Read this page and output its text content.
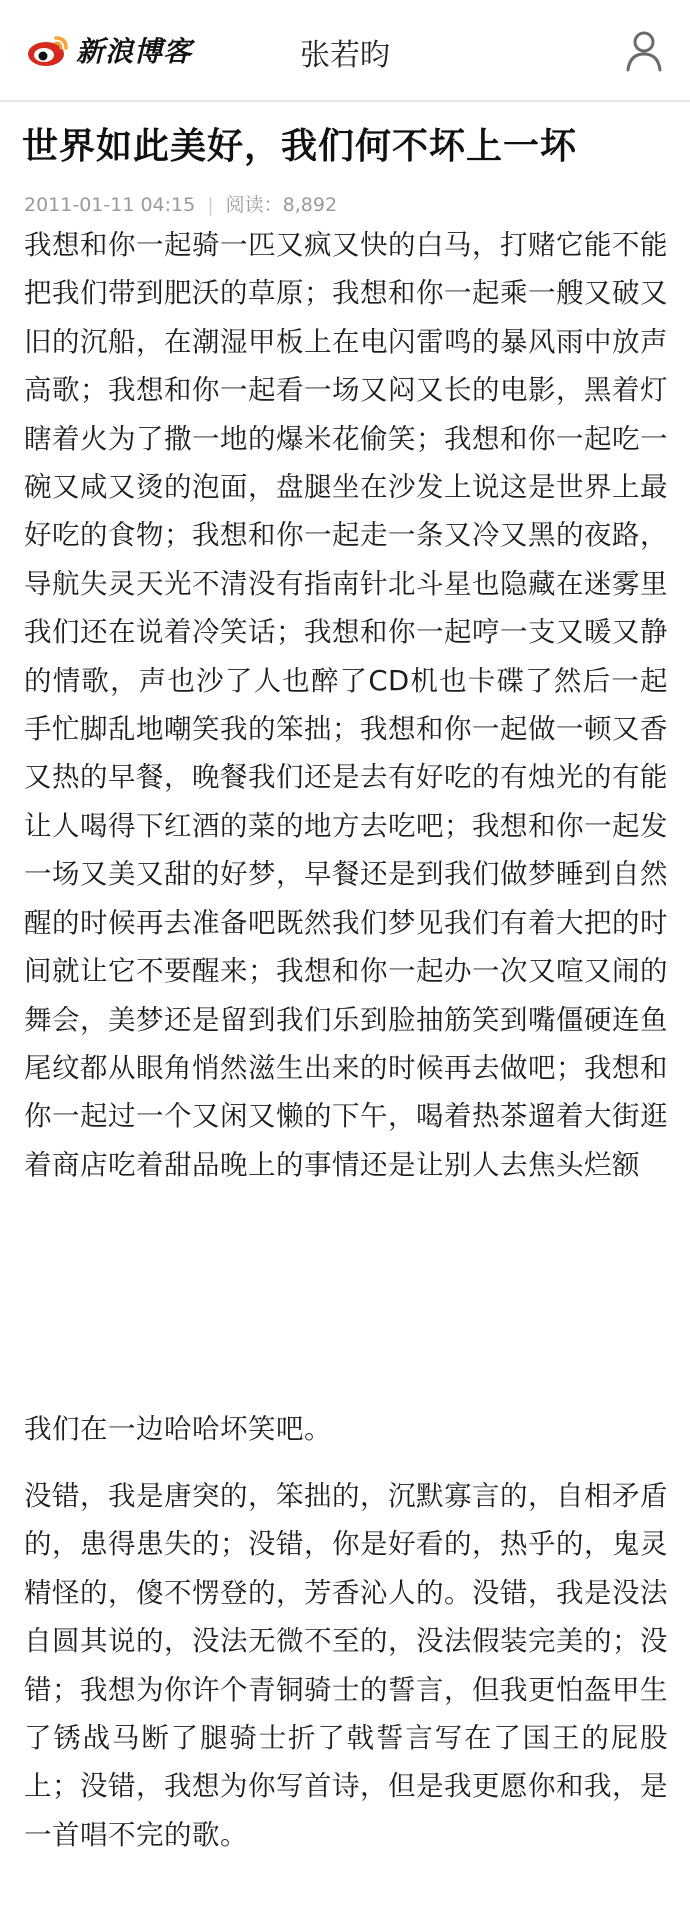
新浪博客	张若昀
世界如此美好，我们何不坏上一坏
2011-01-11 04:15 | 阅读：8,892
我想和你一起骑一匹又疯又快的白马，打赌它能不能把我们带到肥沃的草原；我想和你一起乘一艘又破又旧的沉船，在潮湿甲板上在电闪雷鸣的暴风雨中放声高歌；我想和你一起看一场又闷又长的电影，黑着灯瞎着火为了撒一地的爆米花偷笑；我想和你一起吃一碗又咸又烫的泡面，盘腿坐在沙发上说这是世界上最好吃的食物；我想和你一起走一条又冷又黑的夜路，导航失灵天光不清没有指南针北斗星也隐藏在迷雾里我们还在说着冷笑话；我想和你一起哼一支又暖又静的情歌，声也沙了人也醉了CD机也卡碟了然后一起手忙脚乱地嘲笑我的笨拙；我想和你一起做一顿又香又热的早餐，晚餐我们还是去有好吃的有烛光的有能让人喝得下红酒的菜的地方去吃吧；我想和你一起发一场又美又甜的好梦，早餐还是到我们做梦睡到自然醒的时候再去准备吧既然我们梦见我们有着大把的时间就让它不要醒来；我想和你一起办一次又喧又闹的舞会，美梦还是留到我们乐到脸抽筋笑到嘴僵硬连鱼尾纹都从眼角悄然滋生出来的时候再去做吧；我想和你一起过一个又闲又懒的下午，喝着热茶遛着大街逛着商店吃着甜品晚上的事情还是让别人去焦头烂额
我们在一边哈哈坏笑吧。
没错，我是唐突的，笨拙的，沉默寡言的，自相矛盾的，患得患失的；没错，你是好看的，热乎的，鬼灵精怪的，傻不愣登的，芳香沁人的。没错，我是没法自圆其说的，没法无微不至的，没法假装完美的；没错；我想为你许个青铜骑士的誓言，但我更怕盔甲生了锈战马断了腿骑士折了戟誓言写在了国王的屁股上；没错，我想为你写首诗，但是我更愿你和我，是一首唱不完的歌。
